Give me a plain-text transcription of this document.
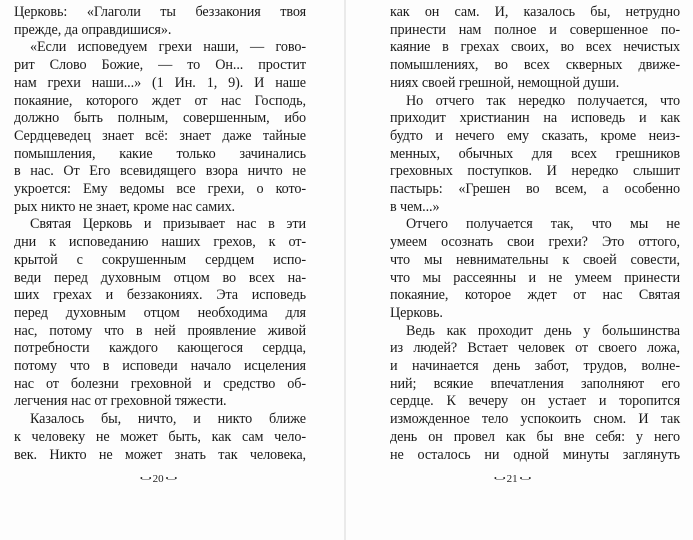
Церковь: «Глаголи ты беззакония твоя
прежде, да оправдишися».
«Если исповедуем грехи наши, — гово-
рит Слово Божие, — то Он... простит
нам грехи наши...» (1 Ин. 1, 9). И наше
покаяние, которого ждет от нас Господь,
должно быть полным, совершенным, ибо
Сердцеведец знает всё: знает даже тайные
помышления, какие только зачинались
в нас. От Его всевидящего взора ничто не
укроется: Ему ведомы все грехи, о кото-
рых никто не знает, кроме нас самих.
Святая Церковь и призывает нас в эти
дни к исповеданию наших грехов, к от-
крытой с сокрушенным сердцем испо-
веди перед духовным отцом во всех на-
ших грехах и беззакониях. Эта исповедь
перед духовным отцом необходима для
нас, потому что в ней проявление живой
потребности каждого кающегося сердца,
потому что в исповеди начало исцеления
нас от болезни греховной и средство об-
легчения нас от греховной тяжести.
Казалось бы, ничто, и никто ближе
к человеку не может быть, как сам чело-
век. Никто не может знать так человека,
•—• 20 •—•
как он сам. И, казалось бы, нетрудно
принести нам полное и совершенное по-
каяние в грехах своих, во всех нечистых
помышлениях, во всех скверных движе-
ниях своей грешной, немощной души.
Но отчего так нередко получается, что
приходит христианин на исповедь и как
будто и нечего ему сказать, кроме неиз-
менных, обычных для всех грешников
греховных поступков. И нередко слышит
пастырь: «Грешен во всем, а особенно
в чем...»
Отчего получается так, что мы не
умеем осознать свои грехи? Это оттого,
что мы невнимательны к своей совести,
что мы рассеянны и не умеем принести
покаяние, которое ждет от нас Святая
Церковь.
Ведь как проходит день у большинства
из людей? Встает человек от своего ложа,
и начинается день забот, трудов, волне-
ний; всякие впечатления заполняют его
сердце. К вечеру он устает и торопится
изможденное тело успокоить сном. И так
день он провел как бы вне себя: у него
не осталось ни одной минуты заглянуть
•—• 21 •—•
